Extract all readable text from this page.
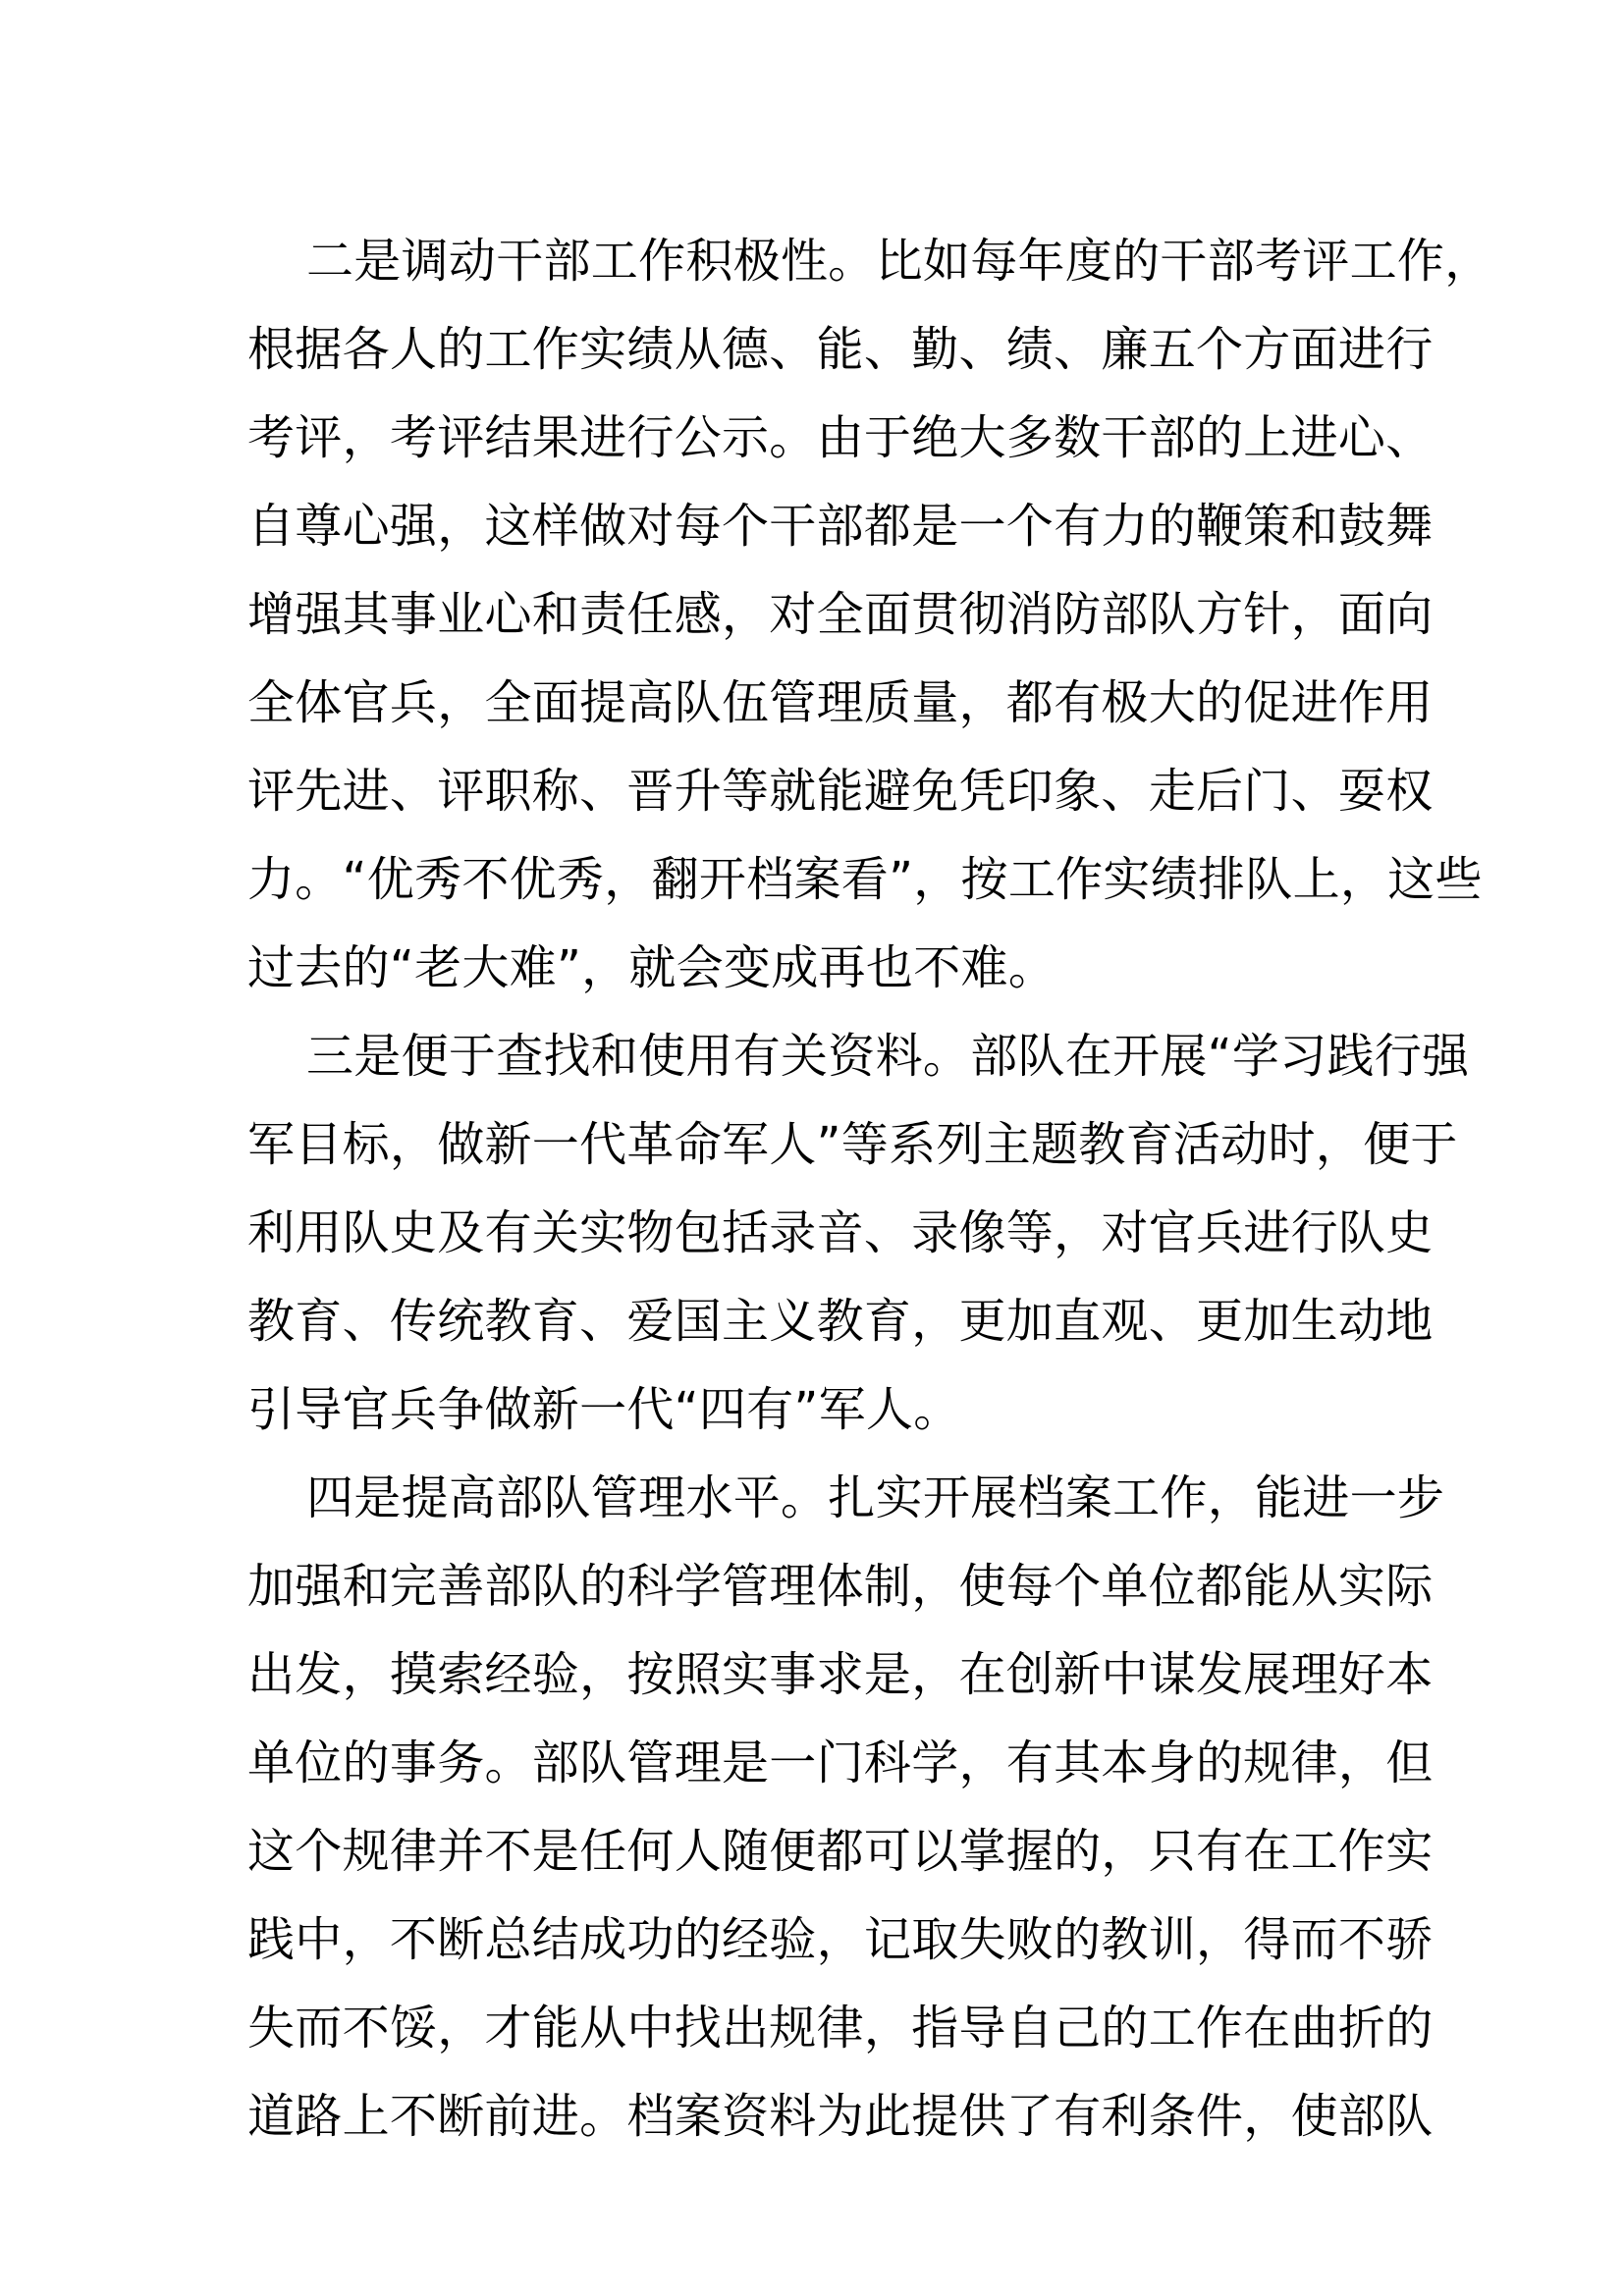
二是调动干部工作积极性。比如每年度的干部考评工作，
根据各人的工作实绩从德、能、勤、绩、廉五个方面进行
考评，考评结果进行公示。由于绝大多数干部的上进心、
自尊心强，这样做对每个干部都是一个有力的鞭策和鼓舞
增强其事业心和责任感，对全面贯彻消防部队方针，面向
全体官兵，全面提高队伍管理质量，都有极大的促进作用
评先进、评职称、晋升等就能避免凭印象、走后门、耍权
力。“优秀不优秀，翻开档案看”，按工作实绩排队上，这些
过去的“老大难”，就会变成再也不难。
三是便于查找和使用有关资料。部队在开展“学习践行强
军目标，做新一代革命军人”等系列主题教育活动时，便于
利用队史及有关实物包括录音、录像等，对官兵进行队史
教育、传统教育、爱国主义教育，更加直观、更加生动地
引导官兵争做新一代“四有”军人。
四是提高部队管理水平。扎实开展档案工作，能进一步
加强和完善部队的科学管理体制，使每个单位都能从实际
出发，摸索经验，按照实事求是，在创新中谋发展理好本
单位的事务。部队管理是一门科学，有其本身的规律，但
这个规律并不是任何人随便都可以掌握的，只有在工作实
践中，不断总结成功的经验，记取失败的教训，得而不骄
失而不馁，才能从中找出规律，指导自己的工作在曲折的
道路上不断前进。档案资料为此提供了有利条件，使部队
